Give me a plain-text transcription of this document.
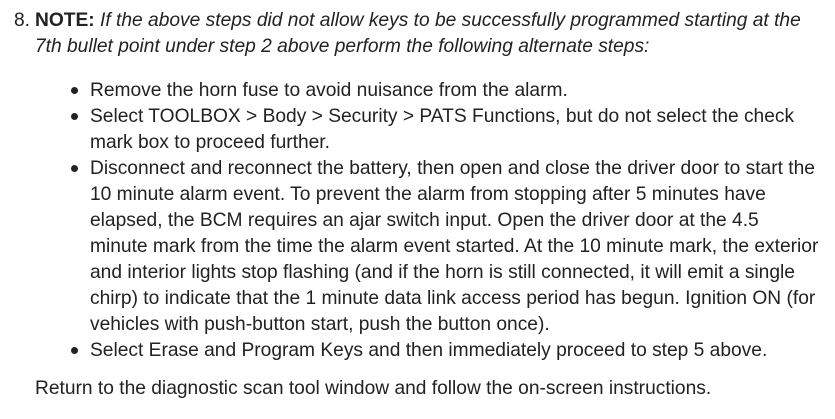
8. NOTE: If the above steps did not allow keys to be successfully programmed starting at the 7th bullet point under step 2 above perform the following alternate steps:
Remove the horn fuse to avoid nuisance from the alarm.
Select TOOLBOX > Body > Security > PATS Functions, but do not select the check mark box to proceed further.
Disconnect and reconnect the battery, then open and close the driver door to start the 10 minute alarm event. To prevent the alarm from stopping after 5 minutes have elapsed, the BCM requires an ajar switch input. Open the driver door at the 4.5 minute mark from the time the alarm event started. At the 10 minute mark, the exterior and interior lights stop flashing (and if the horn is still connected, it will emit a single chirp) to indicate that the 1 minute data link access period has begun. Ignition ON (for vehicles with push-button start, push the button once).
Select Erase and Program Keys and then immediately proceed to step 5 above.
Return to the diagnostic scan tool window and follow the on-screen instructions.
